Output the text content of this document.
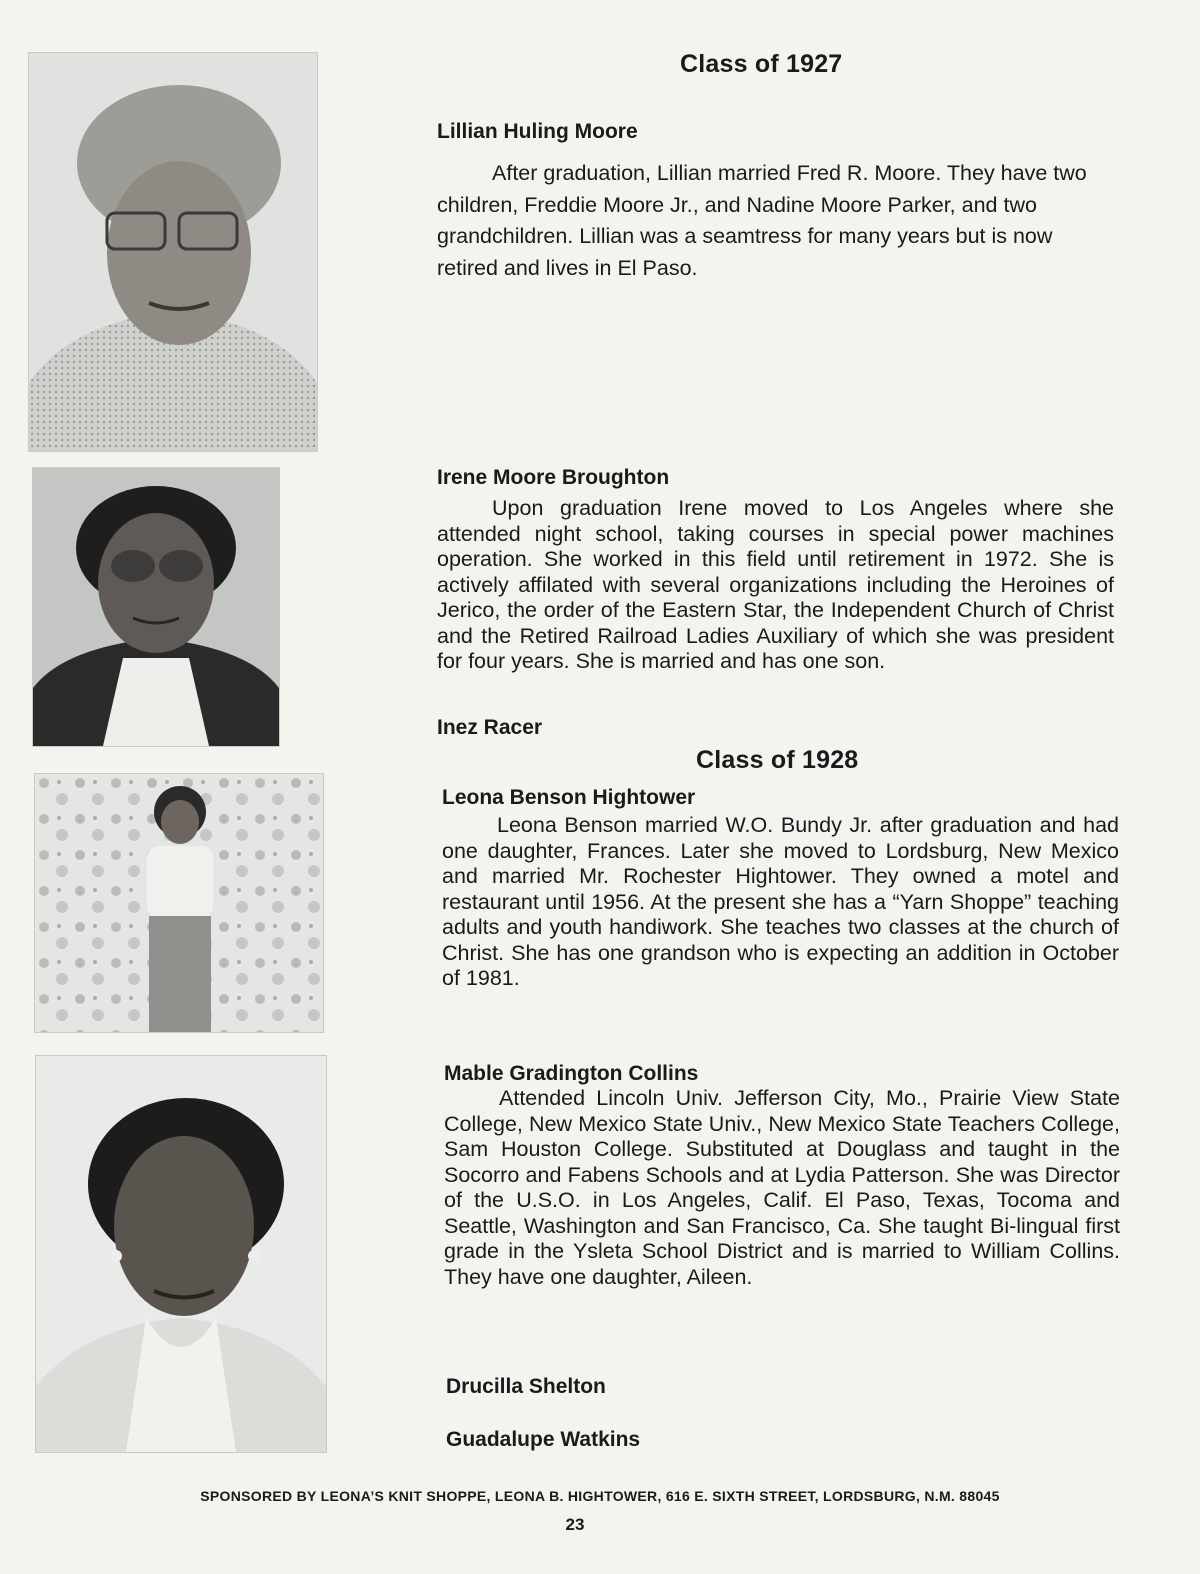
Class of 1927
Lillian Huling Moore

After graduation, Lillian married Fred R. Moore. They have two children, Freddie Moore Jr., and Nadine Moore Parker, and two grandchildren. Lillian was a seamtress for many years but is now retired and lives in El Paso.

Irene Moore Broughton

Upon graduation Irene moved to Los Angeles where she attended night school, taking courses in special power machines operation. She worked in this field until retirement in 1972. She is actively affilated with several organizations including the Heroines of Jerico, the order of the Eastern Star, the Independent Church of Christ and the Retired Railroad Ladies Auxiliary of which she was president for four years. She is married and has one son.

Inez Racer
Class of 1928
Leona Benson Hightower

Leona Benson married W.O. Bundy Jr. after graduation and had one daughter, Frances. Later she moved to Lordsburg, New Mexico and married Mr. Rochester Hightower. They owned a motel and restaurant until 1956. At the present she has a “Yarn Shoppe” teaching adults and youth handiwork. She teaches two classes at the church of Christ. She has one grandson who is expecting an addition in October of 1981.

Mable Gradington Collins

Attended Lincoln Univ. Jefferson City, Mo., Prairie View State College, New Mexico State Univ., New Mexico State Teachers College, Sam Houston College. Substituted at Douglass and taught in the Socorro and Fabens Schools and at Lydia Patterson. She was Director of the U.S.O. in Los Angeles, Calif. El Paso, Texas, Tocoma and Seattle, Washington and San Francisco, Ca. She taught Bi-lingual first grade in the Ysleta School District and is married to William Collins. They have one daughter, Aileen.

Drucilla Shelton
Guadalupe Watkins
SPONSORED BY LEONA’S KNIT SHOPPE, LEONA B. HIGHTOWER, 616 E. SIXTH STREET, LORDSBURG, N.M. 88045
23
